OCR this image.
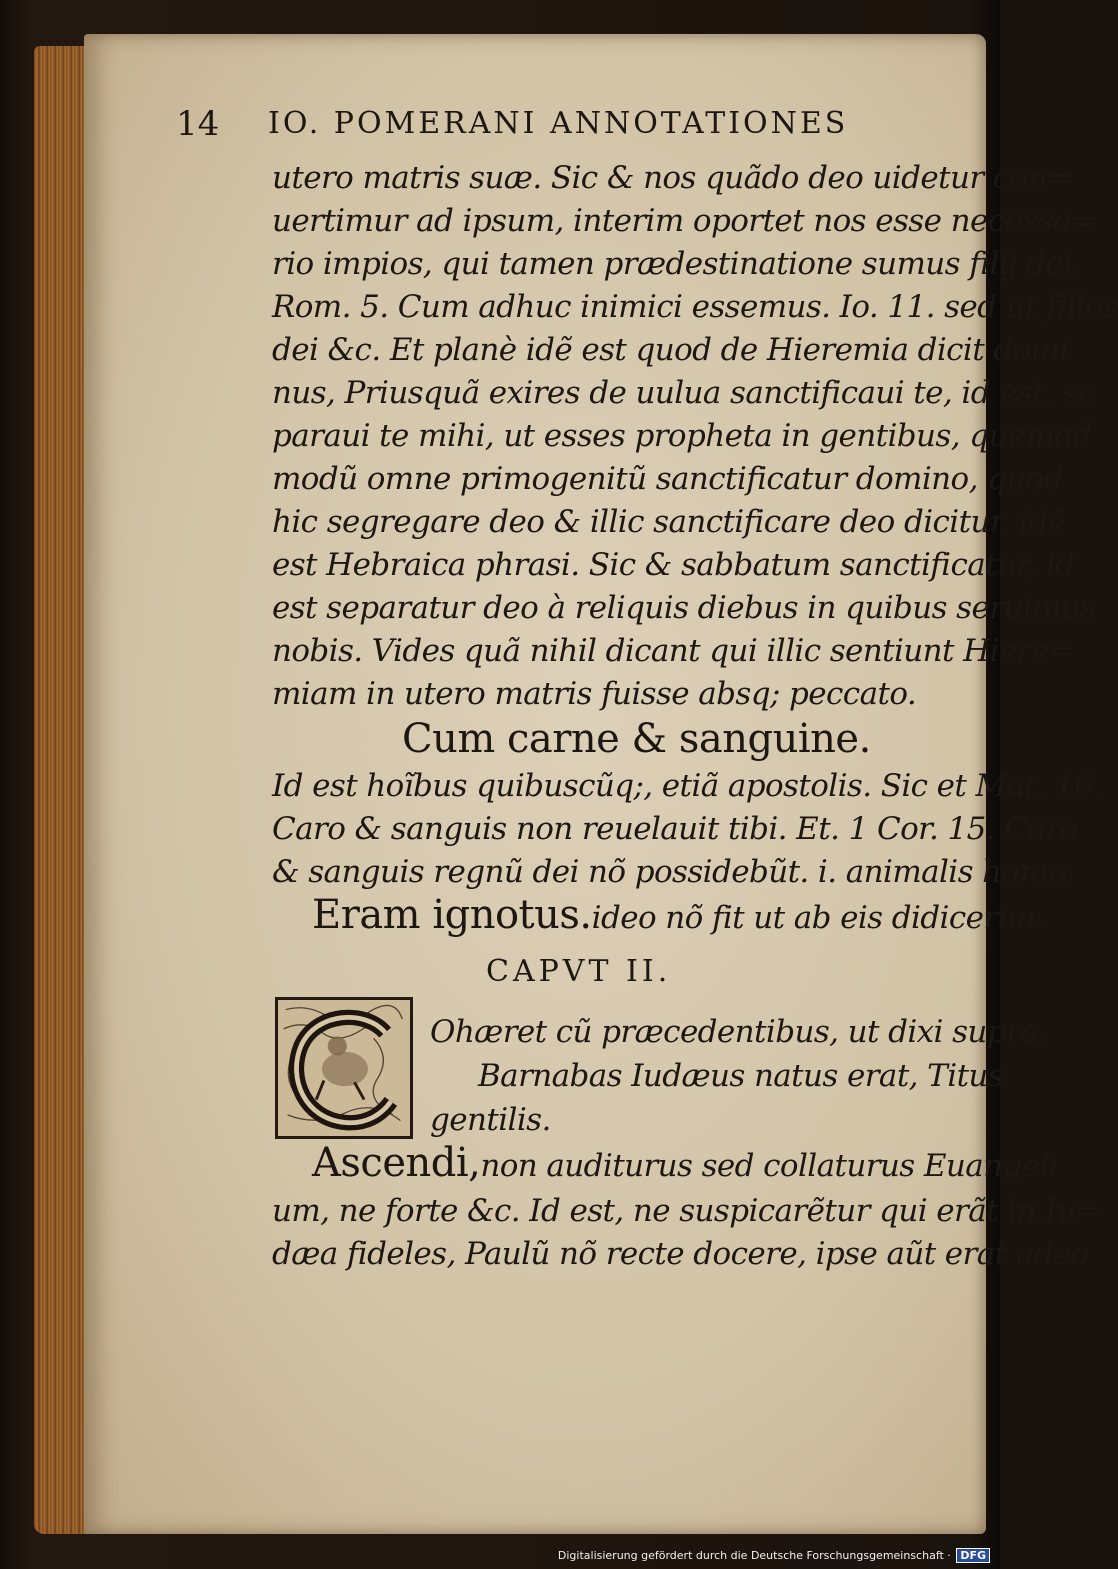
14 IO. POMERANI ANNOTATIONES
utero matris suæ. Sic & nos quãdo deo uidetur con=
uertimur ad ipsum, interim oportet nos esse necessa=
rio impios, qui tamen prædestinatione sumus filij dei.
Rom. 5. Cum adhuc inimici essemus. Io. 11. sed ut filios
dei &c. Et planè idẽ est quod de Hieremia dicit domi
nus, Priusquã exires de uulua sanctificaui te, id est, se
paraui te mihi, ut esses propheta in gentibus, quemad
modũ omne primogenitũ sanctificatur domino, quod
hic segregare deo & illic sanctificare deo dicitur, idẽ
est Hebraica phrasi. Sic & sabbatum sanctificatur, id
est separatur deo à reliquis diebus in quibus seruimus
nobis. Vides quã nihil dicant qui illic sentiunt Hiere=
miam in utero matris fuisse absq; peccato.
Cum carne & sanguine.
Id est hoĩbus quibuscũq;, etiã apostolis. Sic et Mat. 16.
Caro & sanguis non reuelauit tibi. Et. 1 Cor. 15. Caro
& sanguis regnũ dei nõ possidebũt. i. animalis homo.
Eram ignotus.ideo nõ fit ut ab eis didicerim.
CAPVT II.
Ohæret cũ præcedentibus, ut dixi supra.
Barnabas Iudæus natus erat, Titus
gentilis.
Ascendi,non auditurus sed collaturus Euangeli
um, ne forte &c. Id est, ne suspicarẽtur qui erãt in Iu=
dæa fideles, Paulũ nõ recte docere, ipse aũt erat adeo
Digitalisierung gefördert durch die Deutsche Forschungsgemeinschaft · DFG
